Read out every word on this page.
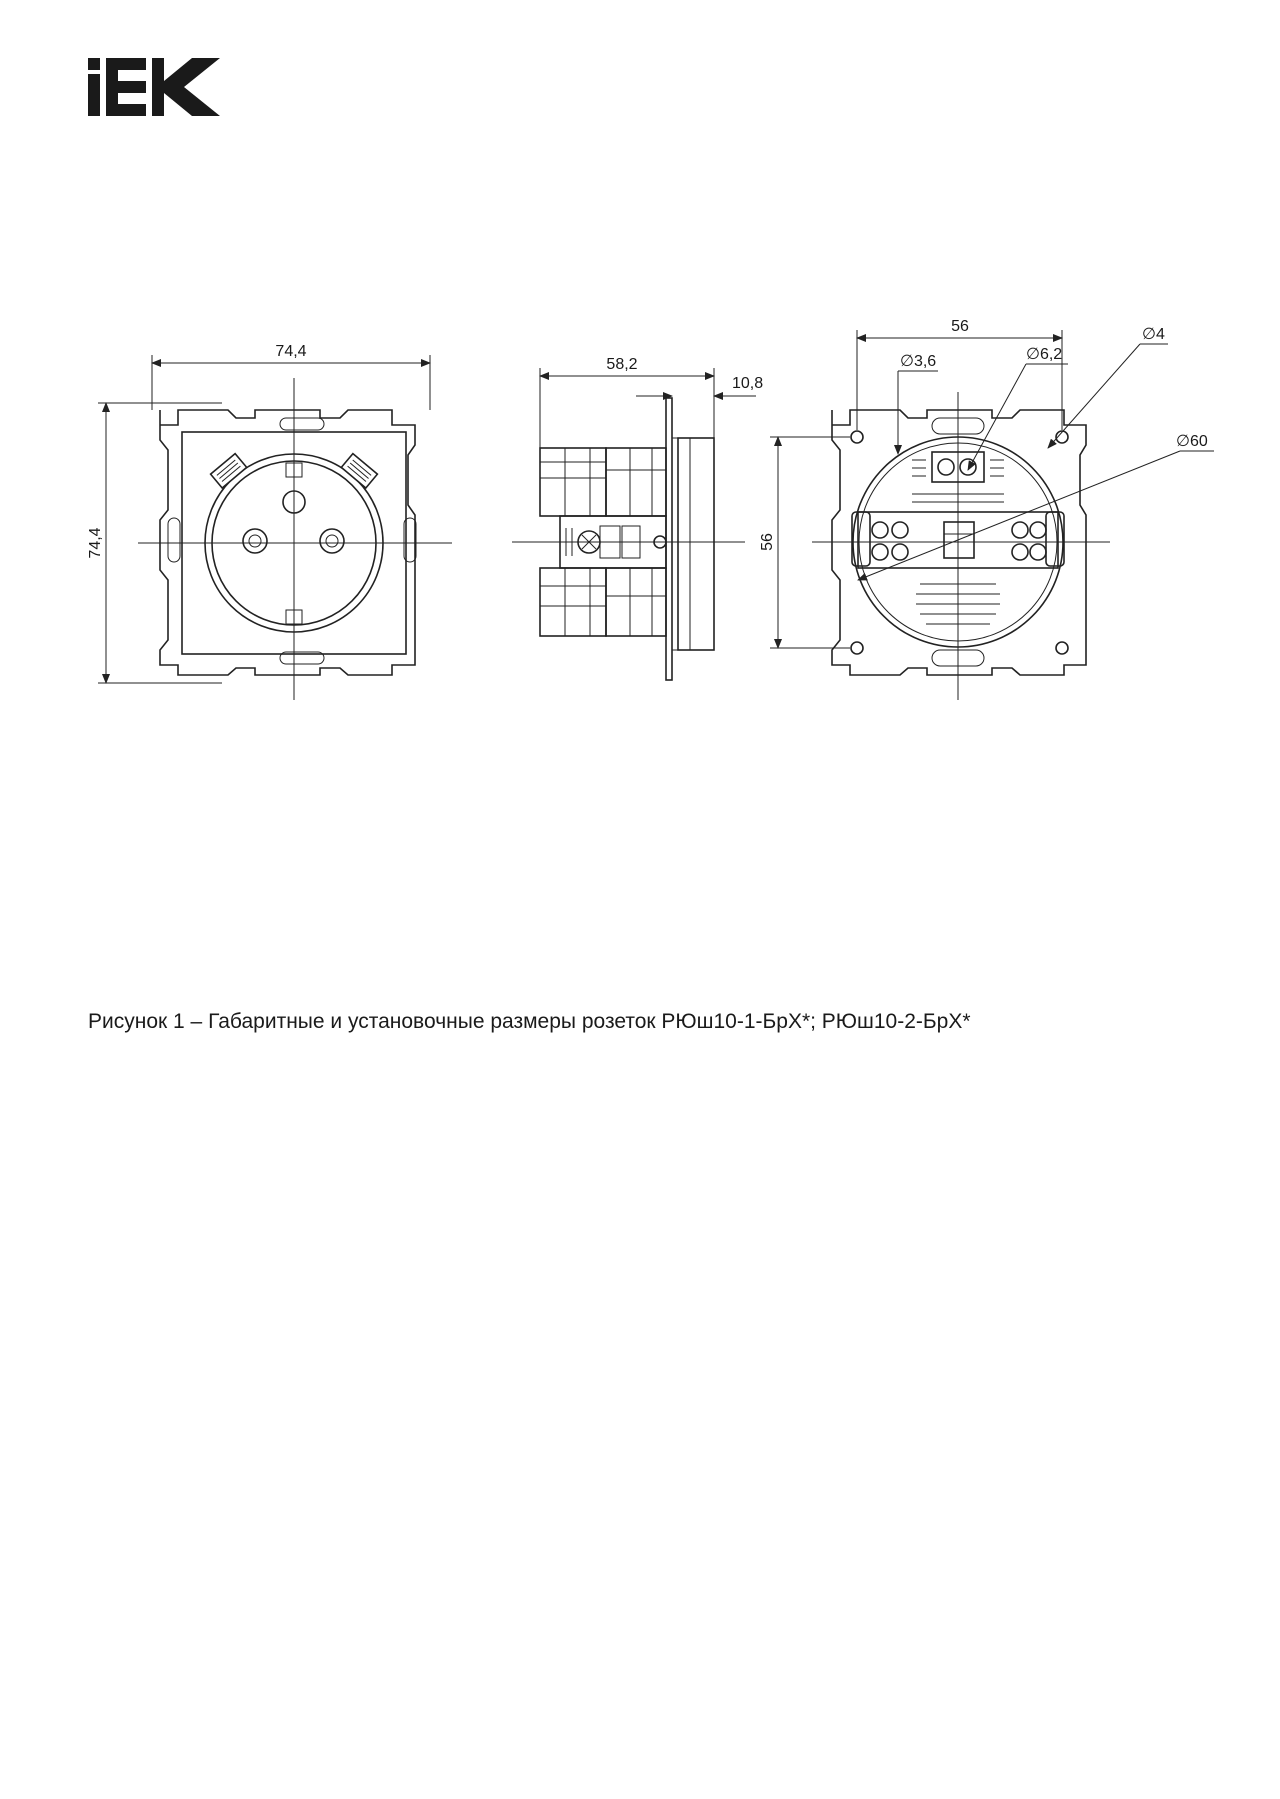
74,4
74,4
58,2
10,8
56
56
∅3,6	∅6,2
∅4
∅60
Рисунок 1 – Габаритные и установочные размеры розеток РЮш10-1-БрX*; РЮш10-2-БрX*
